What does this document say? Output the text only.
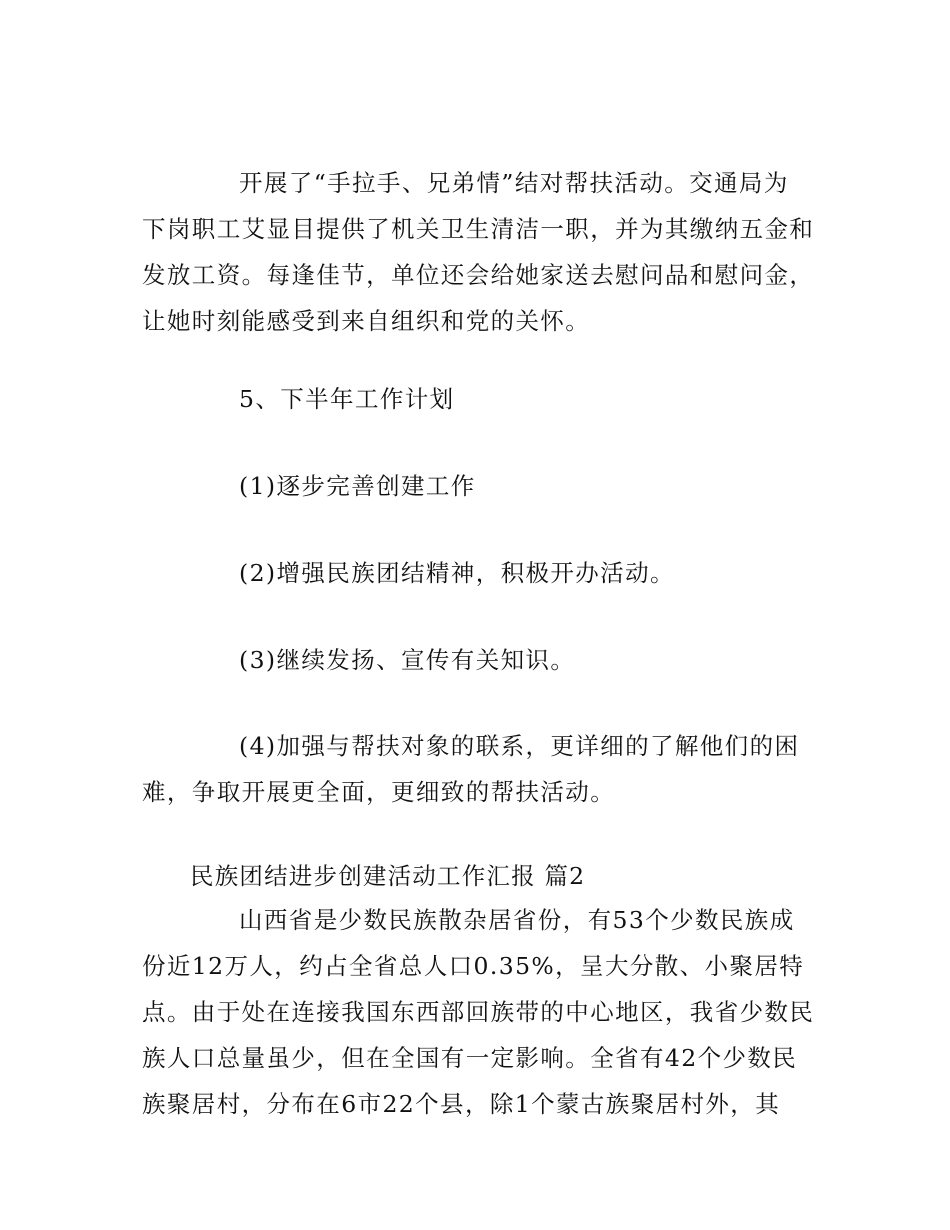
开展了“手拉手、兄弟情”结对帮扶活动。交通局为
下岗职工艾显目提供了机关卫生清洁一职，并为其缴纳五金和
发放工资。每逢佳节，单位还会给她家送去慰问品和慰问金，
让她时刻能感受到来自组织和党的关怀。
5、下半年工作计划
(1)逐步完善创建工作
(2)增强民族团结精神，积极开办活动。
(3)继续发扬、宣传有关知识。
(4)加强与帮扶对象的联系，更详细的了解他们的困
难，争取开展更全面，更细致的帮扶活动。
民族团结进步创建活动工作汇报 篇2
山西省是少数民族散杂居省份，有53个少数民族成
份近12万人，约占全省总人口0.35%，呈大分散、小聚居特
点。由于处在连接我国东西部回族带的中心地区，我省少数民
族人口总量虽少，但在全国有一定影响。全省有42个少数民
族聚居村，分布在6市22个县，除1个蒙古族聚居村外，其
